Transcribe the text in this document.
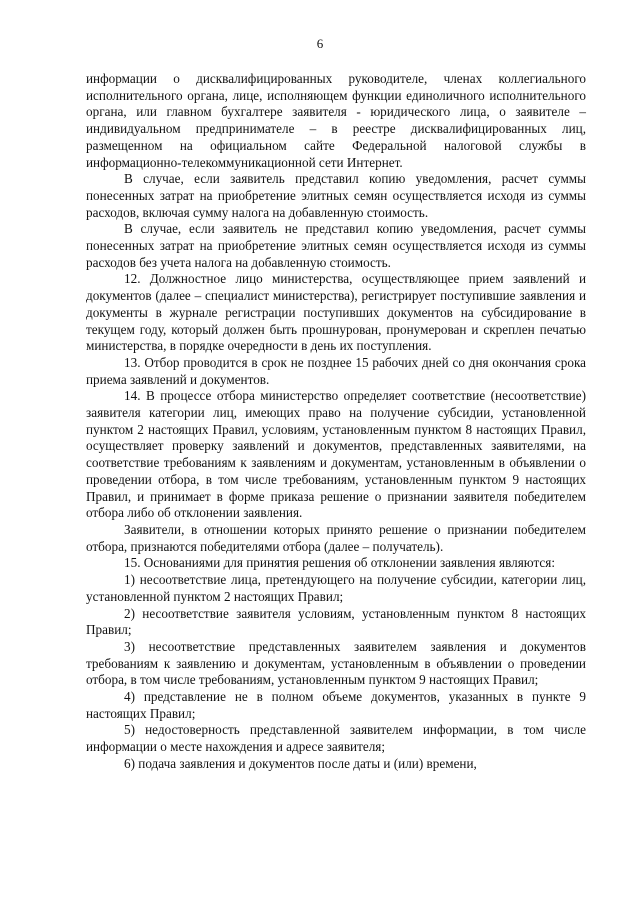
6

информации о дисквалифицированных руководителе, членах коллегиального исполнительного органа, лице, исполняющем функции единоличного исполнительного органа, или главном бухгалтере заявителя - юридического лица, о заявителе – индивидуальном предпринимателе – в реестре дисквалифицированных лиц, размещенном на официальном сайте Федеральной налоговой службы в информационно-телекоммуникационной сети Интернет.

В случае, если заявитель представил копию уведомления, расчет суммы понесенных затрат на приобретение элитных семян осуществляется исходя из суммы расходов, включая сумму налога на добавленную стоимость.

В случае, если заявитель не представил копию уведомления, расчет суммы понесенных затрат на приобретение элитных семян осуществляется исходя из суммы расходов без учета налога на добавленную стоимость.

12. Должностное лицо министерства, осуществляющее прием заявлений и документов (далее – специалист министерства), регистрирует поступившие заявления и документы в журнале регистрации поступивших документов на субсидирование в текущем году, который должен быть прошнурован, пронумерован и скреплен печатью министерства, в порядке очередности в день их поступления.

13. Отбор проводится в срок не позднее 15 рабочих дней со дня окончания срока приема заявлений и документов.

14. В процессе отбора министерство определяет соответствие (несоответствие) заявителя категории лиц, имеющих право на получение субсидии, установленной пунктом 2 настоящих Правил, условиям, установленным пунктом 8 настоящих Правил, осуществляет проверку заявлений и документов, представленных заявителями, на соответствие требованиям к заявлениям и документам, установленным в объявлении о проведении отбора, в том числе требованиям, установленным пунктом 9 настоящих Правил, и принимает в форме приказа решение о признании заявителя победителем отбора либо об отклонении заявления.

Заявители, в отношении которых принято решение о признании победителем отбора, признаются победителями отбора (далее – получатель).

15. Основаниями для принятия решения об отклонении заявления являются:

1) несоответствие лица, претендующего на получение субсидии, категории лиц, установленной пунктом 2 настоящих Правил;

2) несоответствие заявителя условиям, установленным пунктом 8 настоящих Правил;

3) несоответствие представленных заявителем заявления и документов требованиям к заявлению и документам, установленным в объявлении о проведении отбора, в том числе требованиям, установленным пунктом 9 настоящих Правил;

4) представление не в полном объеме документов, указанных в пункте 9 настоящих Правил;

5) недостоверность представленной заявителем информации, в том числе информации о месте нахождения и адресе заявителя;

6) подача заявления и документов после даты и (или) времени,
